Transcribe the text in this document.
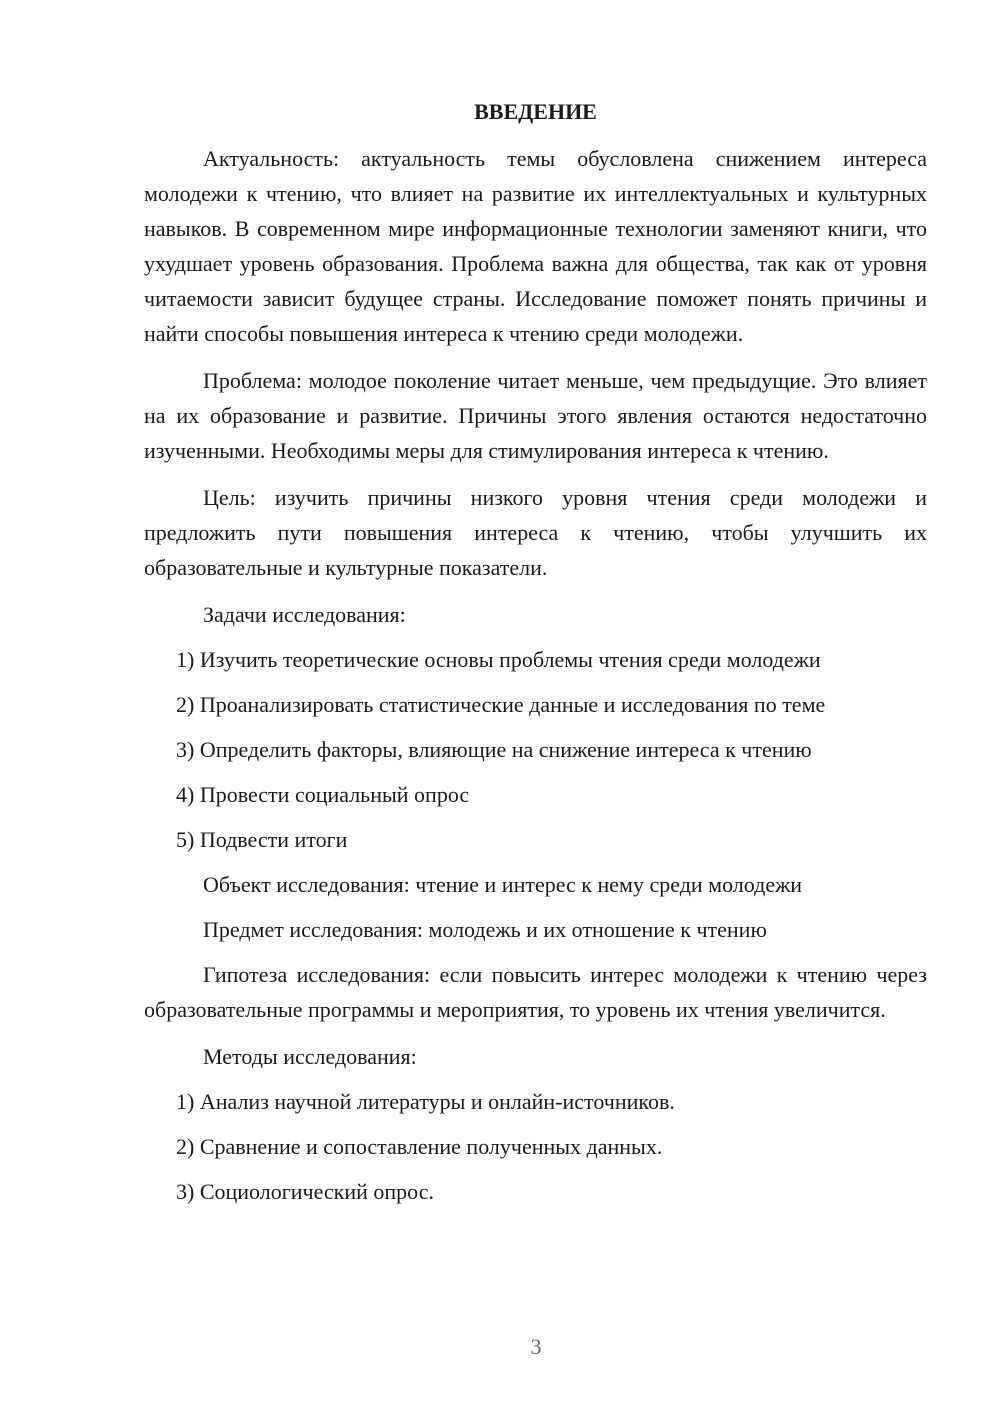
ВВЕДЕНИЕ

Актуальность: актуальность темы обусловлена снижением интереса молодежи к чтению, что влияет на развитие их интеллектуальных и культурных навыков. В современном мире информационные технологии заменяют книги, что ухудшает уровень образования. Проблема важна для общества, так как от уровня читаемости зависит будущее страны. Исследование поможет понять причины и найти способы повышения интереса к чтению среди молодежи.

Проблема: молодое поколение читает меньше, чем предыдущие. Это влияет на их образование и развитие. Причины этого явления остаются недостаточно изученными. Необходимы меры для стимулирования интереса к чтению.

Цель: изучить причины низкого уровня чтения среди молодежи и предложить пути повышения интереса к чтению, чтобы улучшить их образовательные и культурные показатели.

Задачи исследования:

1) Изучить теоретические основы проблемы чтения среди молодежи

2) Проанализировать статистические данные и исследования по теме

3) Определить факторы, влияющие на снижение интереса к чтению

4) Провести социальный опрос

5) Подвести итоги

Объект исследования: чтение и интерес к нему среди молодежи

Предмет исследования: молодежь и их отношение к чтению

Гипотеза исследования: если повысить интерес молодежи к чтению через образовательные программы и мероприятия, то уровень их чтения увеличится.

Методы исследования:

1) Анализ научной литературы и онлайн-источников.

2) Сравнение и сопоставление полученных данных.

3) Социологический опрос.

3
